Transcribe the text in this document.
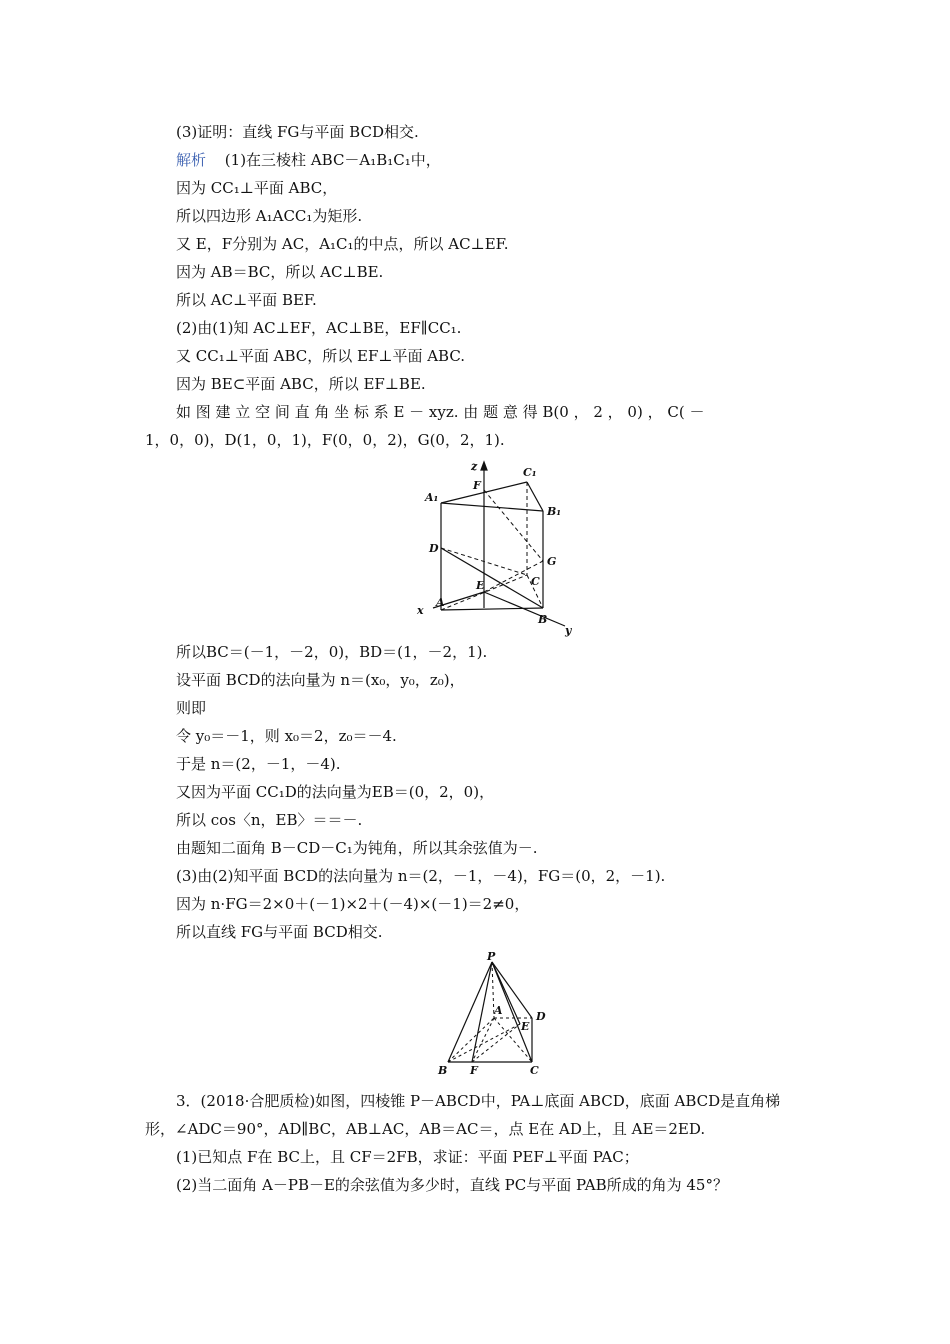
(3)证明：直线 FG与平面 BCD相交.
解析 (1)在三棱柱 ABC－A₁B₁C₁中，
因为 CC₁⊥平面 ABC，
所以四边形 A₁ACC₁为矩形.
又 E，F分别为 AC，A₁C₁的中点，所以 AC⊥EF.
因为 AB＝BC，所以 AC⊥BE.
所以 AC⊥平面 BEF.
(2)由(1)知 AC⊥EF，AC⊥BE，EF∥CC₁.
又 CC₁⊥平面 ABC，所以 EF⊥平面 ABC.
因为 BE⊂平面 ABC，所以 EF⊥BE.
如 图 建 立 空 间 直 角 坐 标 系 E － xyz. 由 题 意 得 B(0 ， 2 ， 0) ， C( －
1，0，0)，D(1，0，1)，F(0，0，2)，G(0，2，1).
z
x
y
A₁
C₁
B₁
F
D
G
E	C
A
B
所以BC＝(－1，－2，0)，BD＝(1，－2，1).
设平面 BCD的法向量为 n＝(x₀，y₀，z₀)，
则即
令 y₀＝－1，则 x₀＝2，z₀＝－4.
于是 n＝(2，－1，－4).
又因为平面 CC₁D的法向量为EB＝(0，2，0)，
所以 cos〈n，EB〉＝＝－.
由题知二面角 B－CD－C₁为钝角，所以其余弦值为－.
(3)由(2)知平面 BCD的法向量为 n＝(2，－1，－4)，FG＝(0，2，－1).
因为 n·FG＝2×0＋(－1)×2＋(－4)×(－1)＝2≠0，
所以直线 FG与平面 BCD相交.
P
A
E
D
B F	C
3．(2018·合肥质检)如图，四棱锥 P－ABCD中，PA⊥底面 ABCD，底面 ABCD是直角梯
形，∠ADC＝90°，AD∥BC，AB⊥AC，AB＝AC＝，点 E在 AD上，且 AE＝2ED.
(1)已知点 F在 BC上，且 CF＝2FB，求证：平面 PEF⊥平面 PAC；
(2)当二面角 A－PB－E的余弦值为多少时，直线 PC与平面 PAB所成的角为 45°？
